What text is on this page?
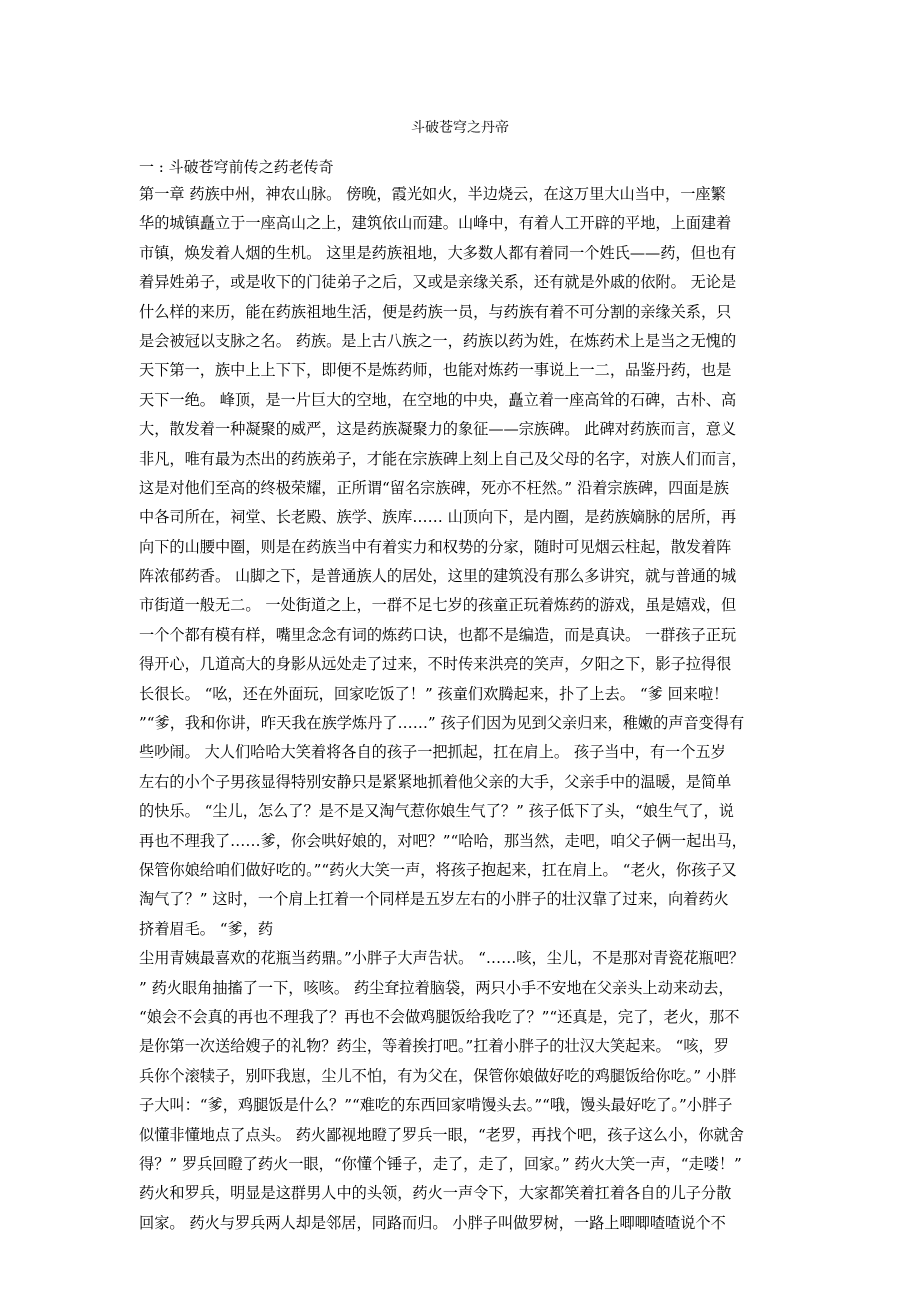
斗破苍穹之丹帝
一 : 斗破苍穹前传之药老传奇
第一章 药族中州，神农山脉。 傍晚，霞光如火，半边烧云，在这万里大山当中，一座繁
华的城镇矗立于一座高山之上，建筑依山而建。山峰中，有着人工开辟的平地，上面建着
市镇，焕发着人烟的生机。 这里是药族祖地，大多数人都有着同一个姓氏——药，但也有
着异姓弟子，或是收下的门徒弟子之后，又或是亲缘关系，还有就是外戚的依附。 无论是
什么样的来历，能在药族祖地生活，便是药族一员，与药族有着不可分割的亲缘关系，只
是会被冠以支脉之名。 药族。是上古八族之一，药族以药为姓，在炼药术上是当之无愧的
天下第一，族中上上下下，即便不是炼药师，也能对炼药一事说上一二，品鉴丹药，也是
天下一绝。 峰顶，是一片巨大的空地，在空地的中央，矗立着一座高耸的石碑，古朴、高
大，散发着一种凝聚的威严，这是药族凝聚力的象征——宗族碑。 此碑对药族而言，意义
非凡，唯有最为杰出的药族弟子，才能在宗族碑上刻上自己及父母的名字，对族人们而言，
这是对他们至高的终极荣耀，正所谓“留名宗族碑，死亦不枉然。” 沿着宗族碑，四面是族
中各司所在，祠堂、长老殿、族学、族库…… 山顶向下，是内圈，是药族嫡脉的居所，再
向下的山腰中圈，则是在药族当中有着实力和权势的分家，随时可见烟云柱起，散发着阵
阵浓郁药香。 山脚之下，是普通族人的居处，这里的建筑没有那么多讲究，就与普通的城
市街道一般无二。 一处街道之上，一群不足七岁的孩童正玩着炼药的游戏，虽是嬉戏，但
一个个都有模有样，嘴里念念有词的炼药口诀，也都不是编造，而是真诀。 一群孩子正玩
得开心，几道高大的身影从远处走了过来，不时传来洪亮的笑声，夕阳之下，影子拉得很
长很长。 “吆，还在外面玩，回家吃饭了！” 孩童们欢腾起来，扑了上去。 “爹 回来啦！
”“爹，我和你讲，昨天我在族学炼丹了……” 孩子们因为见到父亲归来，稚嫩的声音变得有
些吵闹。 大人们哈哈大笑着将各自的孩子一把抓起，扛在肩上。 孩子当中，有一个五岁
左右的小个子男孩显得特别安静只是紧紧地抓着他父亲的大手，父亲手中的温暖，是简单
的快乐。 “尘儿，怎么了？是不是又淘气惹你娘生气了？” 孩子低下了头，“娘生气了，说
再也不理我了……爹，你会哄好娘的，对吧？”“哈哈，那当然，走吧，咱父子俩一起出马，
保管你娘给咱们做好吃的。”“药火大笑一声，将孩子抱起来，扛在肩上。 “老火，你孩子又
淘气了？” 这时，一个肩上扛着一个同样是五岁左右的小胖子的壮汉靠了过来，向着药火
挤着眉毛。 “爹，药
尘用青姨最喜欢的花瓶当药鼎。”小胖子大声告状。 “……咳，尘儿，不是那对青瓷花瓶吧？
” 药火眼角抽搐了一下，咳咳。 药尘耷拉着脑袋，两只小手不安地在父亲头上动来动去，
“娘会不会真的再也不理我了？再也不会做鸡腿饭给我吃了？”“还真是，完了，老火，那不
是你第一次送给嫂子的礼物？药尘，等着挨打吧。”扛着小胖子的壮汉大笑起来。 “咳，罗
兵你个滚犊子，别吓我崽，尘儿不怕，有为父在，保管你娘做好吃的鸡腿饭给你吃。” 小胖
子大叫：“爹，鸡腿饭是什么？”“难吃的东西回家啃馒头去。”“哦，馒头最好吃了。”小胖子
似懂非懂地点了点头。 药火鄙视地瞪了罗兵一眼，“老罗，再找个吧，孩子这么小，你就舍
得？” 罗兵回瞪了药火一眼，“你懂个锤子，走了，走了，回家。” 药火大笑一声，“走喽！”
药火和罗兵，明显是这群男人中的头领，药火一声令下，大家都笑着扛着各自的儿子分散
回家。 药火与罗兵两人却是邻居，同路而归。 小胖子叫做罗树，一路上唧唧喳喳说个不
